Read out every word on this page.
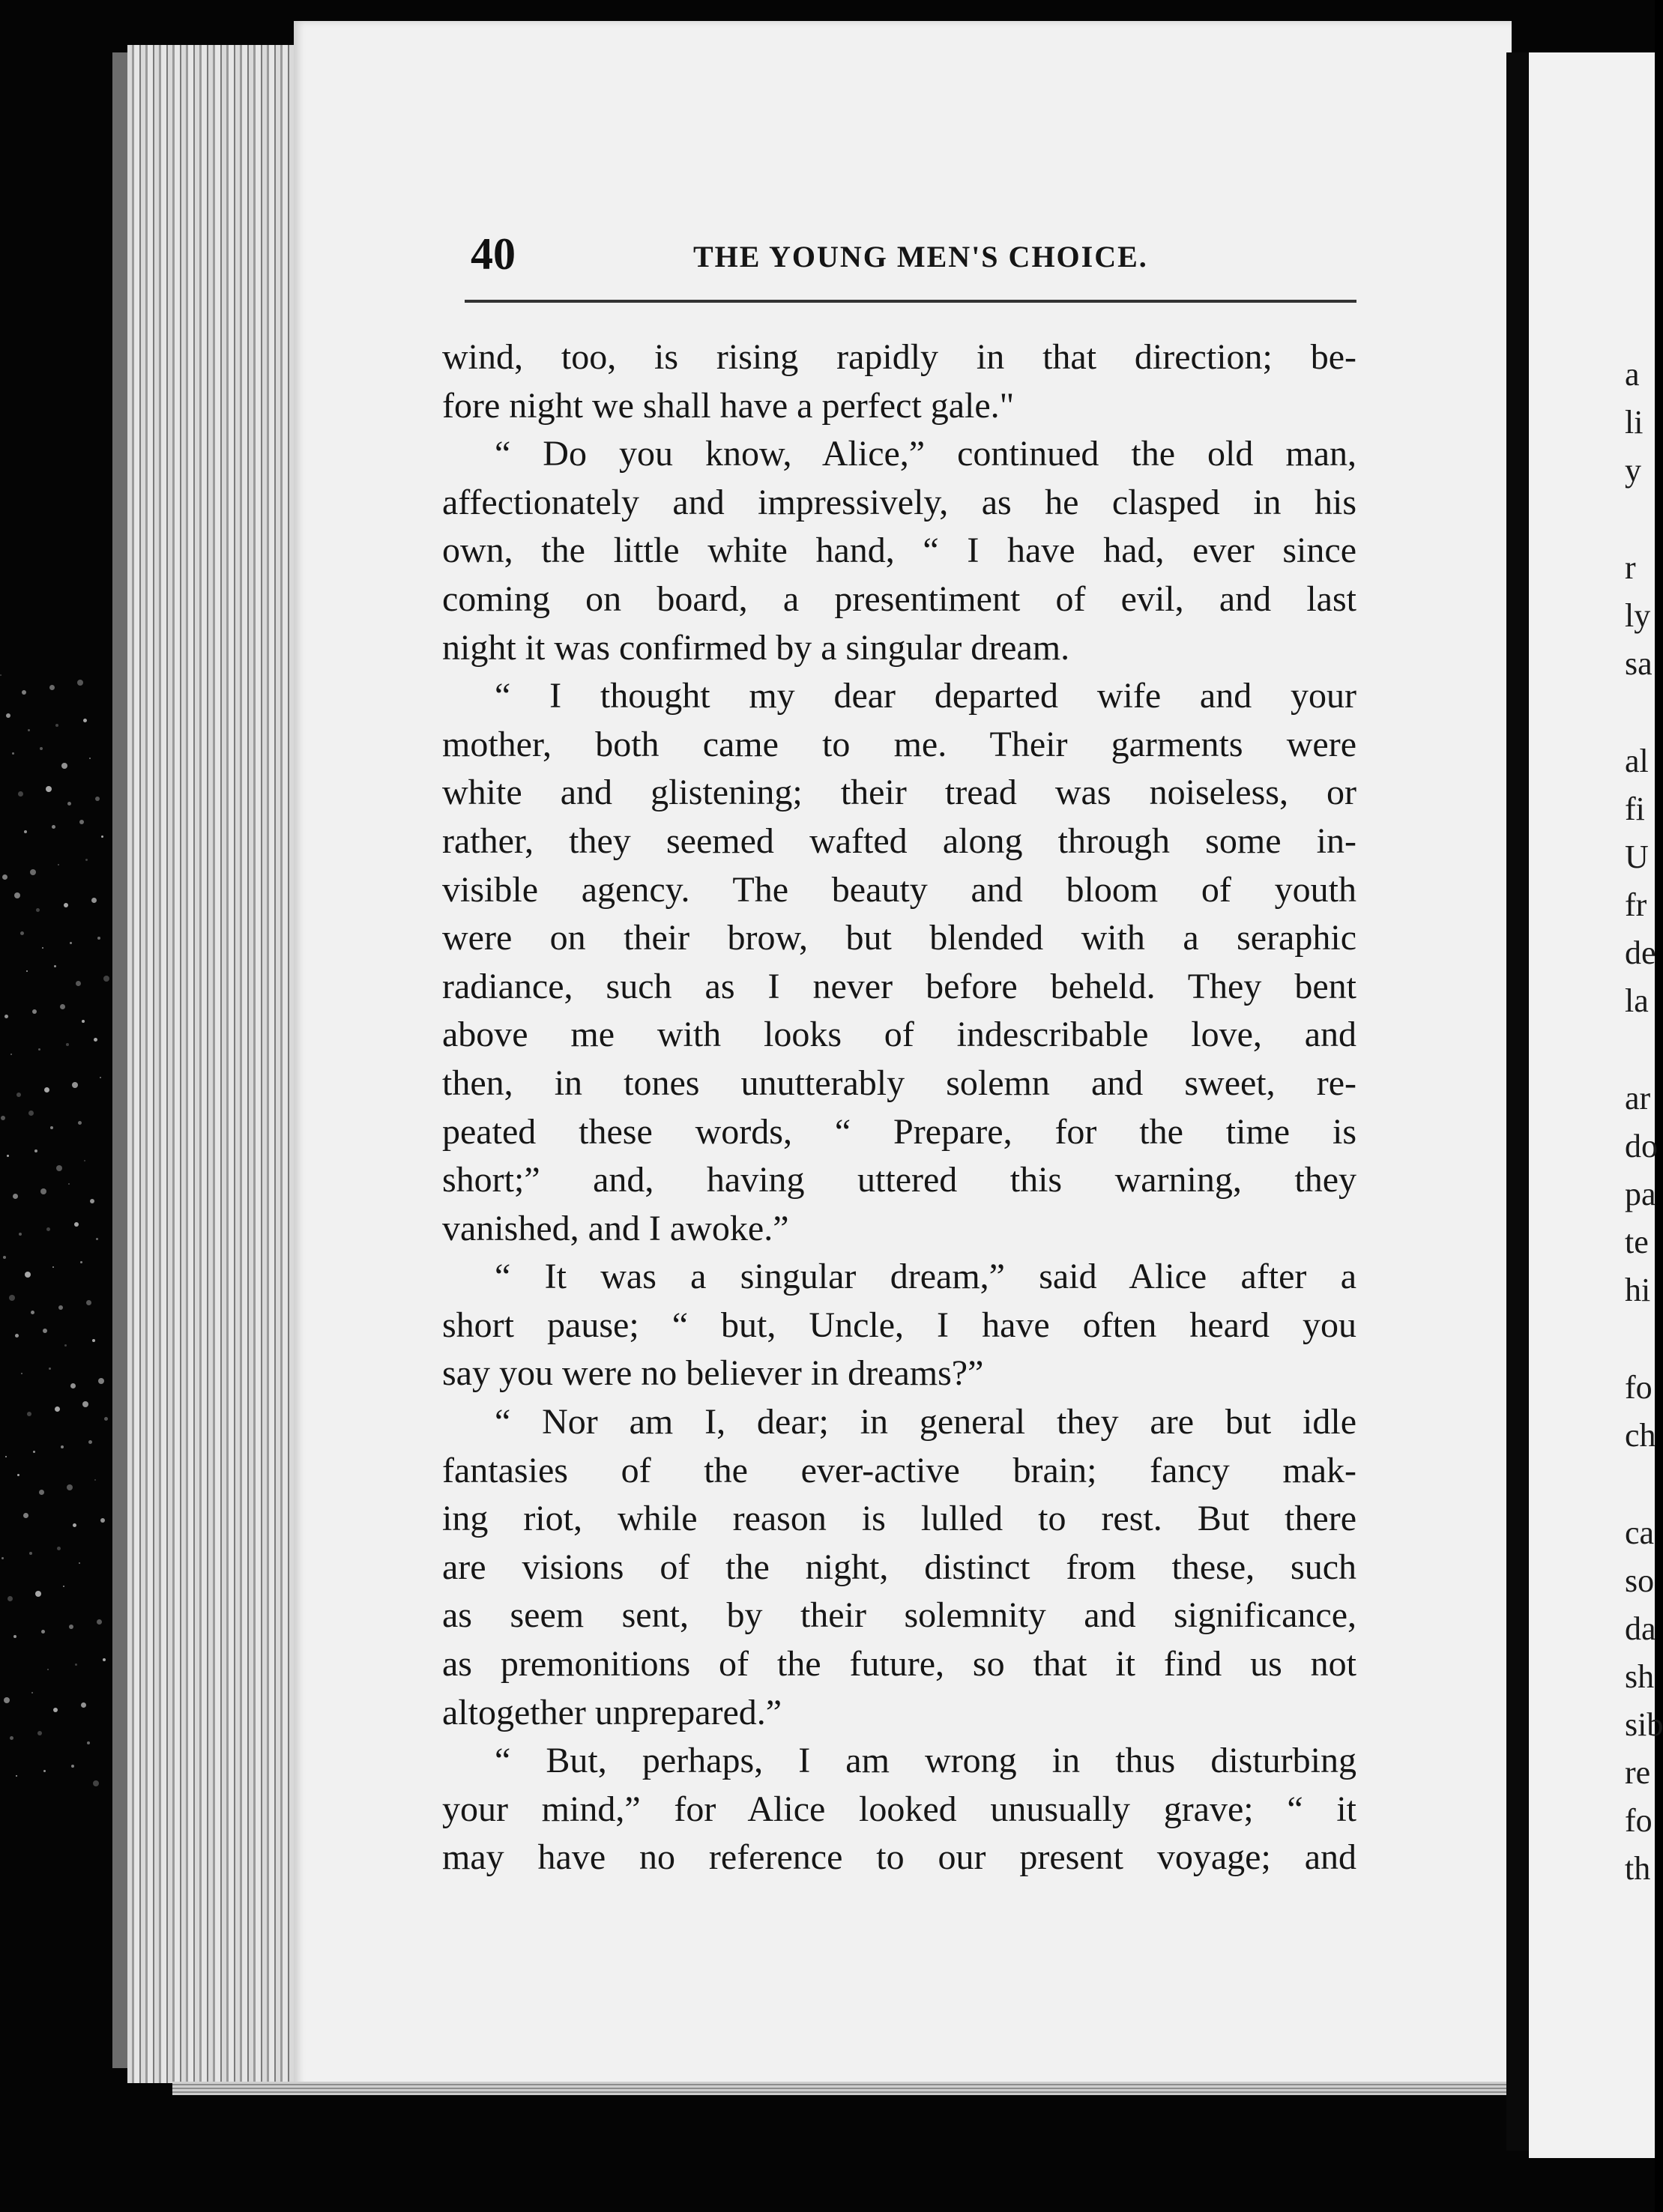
a
li
y
r
ly
sa
al
fi
U
fr
de
la
ar
do
pa
te
hi
fo
ch
ca
so
da
sh
sib
re
fo
th
40	THE YOUNG MEN'S CHOICE.
wind, too, is rising rapidly in that direction; be-
fore night we shall have a perfect gale."
“ Do you know, Alice,” continued the old man,
affectionately and impressively, as he clasped in his
own, the little white hand, “ I have had, ever since
coming on board, a presentiment of evil, and last
night it was confirmed by a singular dream.
“ I thought my dear departed wife and your
mother, both came to me. Their garments were
white and glistening; their tread was noiseless, or
rather, they seemed wafted along through some in-
visible agency. The beauty and bloom of youth
were on their brow, but blended with a seraphic
radiance, such as I never before beheld. They bent
above me with looks of indescribable love, and
then, in tones unutterably solemn and sweet, re-
peated these words, “ Prepare, for the time is
short;” and, having uttered this warning, they
vanished, and I awoke.”
“ It was a singular dream,” said Alice after a
short pause; “ but, Uncle, I have often heard you
say you were no believer in dreams?”
“ Nor am I, dear; in general they are but idle
fantasies of the ever-active brain; fancy mak-
ing riot, while reason is lulled to rest. But there
are visions of the night, distinct from these, such
as seem sent, by their solemnity and significance,
as premonitions of the future, so that it find us not
altogether unprepared.”
“ But, perhaps, I am wrong in thus disturbing
your mind,” for Alice looked unusually grave; “ it
may have no reference to our present voyage; and
